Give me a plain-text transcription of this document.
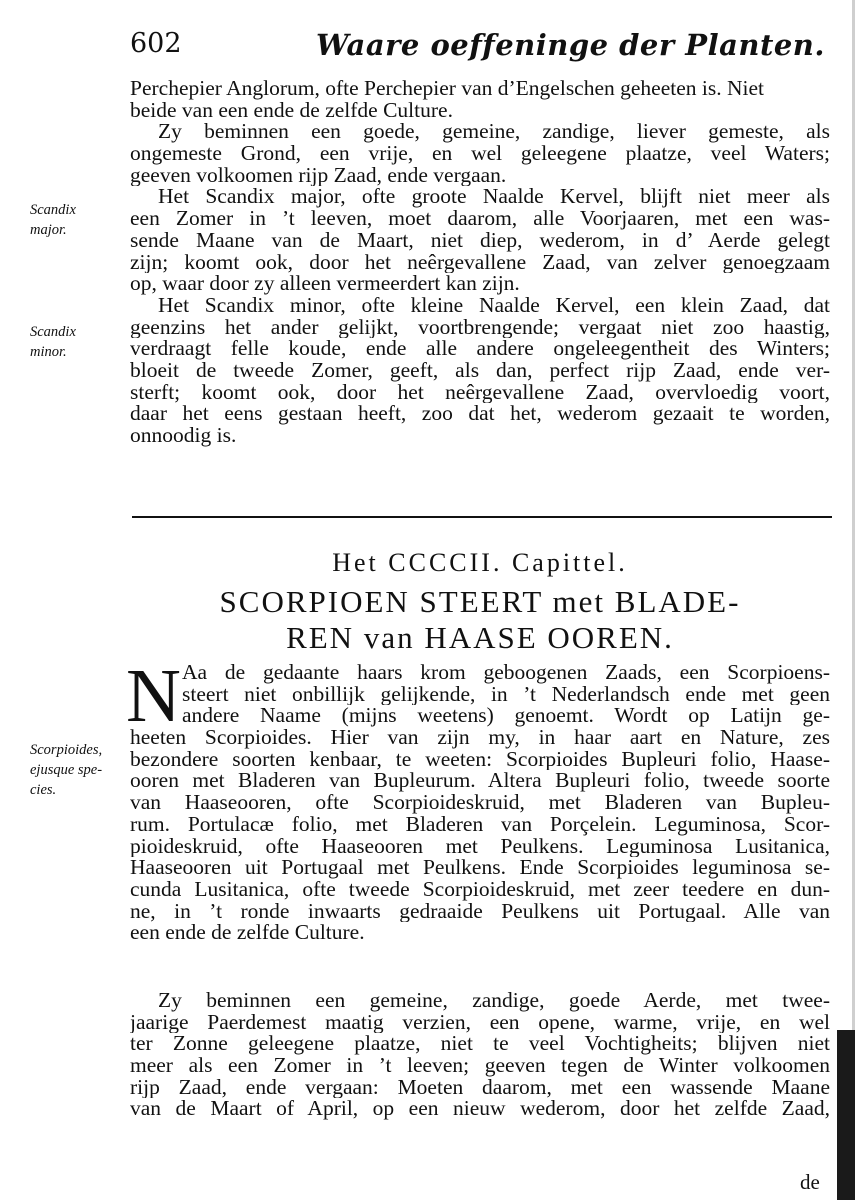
602	Waare oeffeninge der Planten.
Perchepier Anglorum, ofte Perchepier van d’Engelschen geheeten is. Niet
beide van een ende de zelfde Culture.
Zy beminnen een goede, gemeine, zandige, liever gemeste, als
ongemeste Grond, een vrije, en wel geleegene plaatze, veel Waters;
geeven volkoomen rijp Zaad, ende vergaan.
Het Scandix major, ofte groote Naalde Kervel, blijft niet meer als
een Zomer in ’t leeven, moet daarom, alle Voorjaaren, met een was-
sende Maane van de Maart, niet diep, wederom, in d’ Aerde gelegt
zijn; koomt ook, door het neêrgevallene Zaad, van zelver genoegzaam
op, waar door zy alleen vermeerdert kan zijn.
Het Scandix minor, ofte kleine Naalde Kervel, een klein Zaad, dat
geenzins het ander gelijkt, voortbrengende; vergaat niet zoo haastig,
verdraagt felle koude, ende alle andere ongeleegentheit des Winters;
bloeit de tweede Zomer, geeft, als dan, perfect rijp Zaad, ende ver-
sterft; koomt ook, door het neêrgevallene Zaad, overvloedig voort,
daar het eens gestaan heeft, zoo dat het, wederom gezaait te worden,
onnoodig is.
Scandix
major.
Scandix
minor.
Het CCCCII. Capittel.
SCORPIOEN STEERT met BLADE-
REN van HAASE OOREN.
N Aa de gedaante haars krom geboogenen Zaads, een Scorpioens-
steert niet onbillijk gelijkende, in ’t Nederlandsch ende met geen
andere Naame (mijns weetens) genoemt. Wordt op Latijn ge-
heeten Scorpioides. Hier van zijn my, in haar aart en Nature, zes
bezondere soorten kenbaar, te weeten: Scorpioides Bupleuri folio, Haase-
ooren met Bladeren van Bupleurum. Altera Bupleuri folio, tweede soorte
van Haaseooren, ofte Scorpioideskruid, met Bladeren van Bupleu-
rum. Portulacæ folio, met Bladeren van Porçelein. Leguminosa, Scor-
pioideskruid, ofte Haaseooren met Peulkens. Leguminosa Lusitanica,
Haaseooren uit Portugaal met Peulkens. Ende Scorpioides leguminosa se-
cunda Lusitanica, ofte tweede Scorpioideskruid, met zeer teedere en dun-
ne, in ’t ronde inwaarts gedraaide Peulkens uit Portugaal. Alle van
een ende de zelfde Culture.
Scorpioides,
ejusque spe-
cies.
Zy beminnen een gemeine, zandige, goede Aerde, met twee-
jaarige Paerdemest maatig verzien, een opene, warme, vrije, en wel
ter Zonne geleegene plaatze, niet te veel Vochtigheits; blijven niet
meer als een Zomer in ’t leeven; geeven tegen de Winter volkoomen
rijp Zaad, ende vergaan: Moeten daarom, met een wassende Maane
van de Maart of April, op een nieuw wederom, door het zelfde Zaad,
de
